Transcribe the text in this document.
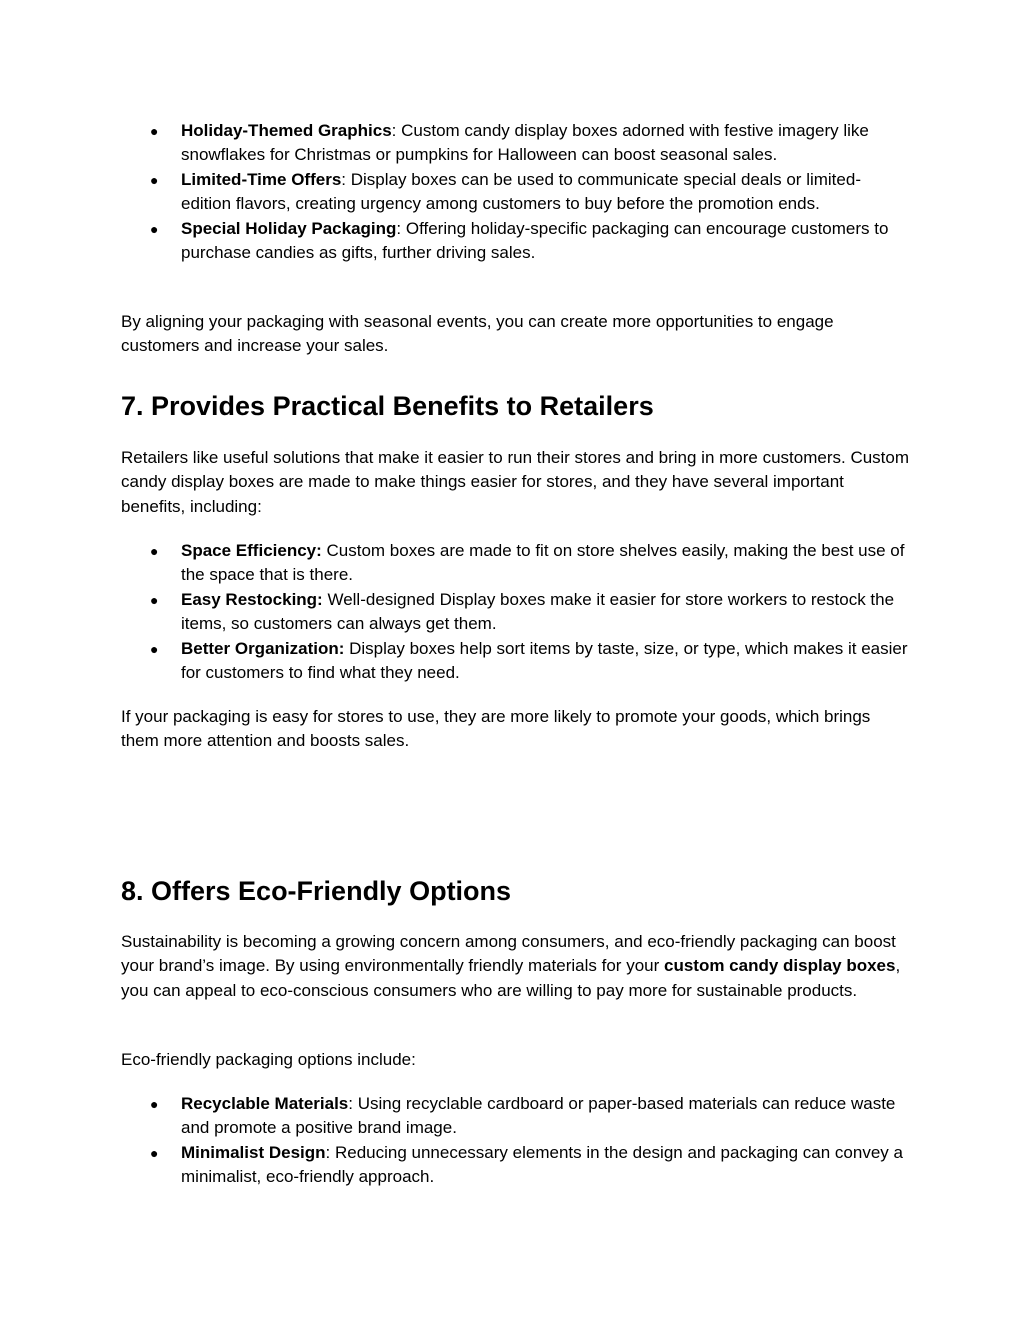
● Holiday-Themed Graphics: Custom candy display boxes adorned with festive imagery like snowflakes for Christmas or pumpkins for Halloween can boost seasonal sales.
● Limited-Time Offers: Display boxes can be used to communicate special deals or limited-edition flavors, creating urgency among customers to buy before the promotion ends.
● Special Holiday Packaging: Offering holiday-specific packaging can encourage customers to purchase candies as gifts, further driving sales.

By aligning your packaging with seasonal events, you can create more opportunities to engage customers and increase your sales.

7. Provides Practical Benefits to Retailers

Retailers like useful solutions that make it easier to run their stores and bring in more customers. Custom candy display boxes are made to make things easier for stores, and they have several important benefits, including:

● Space Efficiency: Custom boxes are made to fit on store shelves easily, making the best use of the space that is there.
● Easy Restocking: Well-designed Display boxes make it easier for store workers to restock the items, so customers can always get them.
● Better Organization: Display boxes help sort items by taste, size, or type, which makes it easier for customers to find what they need.

If your packaging is easy for stores to use, they are more likely to promote your goods, which brings them more attention and boosts sales.

8. Offers Eco-Friendly Options

Sustainability is becoming a growing concern among consumers, and eco-friendly packaging can boost your brand’s image. By using environmentally friendly materials for your custom candy display boxes, you can appeal to eco-conscious consumers who are willing to pay more for sustainable products.

Eco-friendly packaging options include:

● Recyclable Materials: Using recyclable cardboard or paper-based materials can reduce waste and promote a positive brand image.
● Minimalist Design: Reducing unnecessary elements in the design and packaging can convey a minimalist, eco-friendly approach.
